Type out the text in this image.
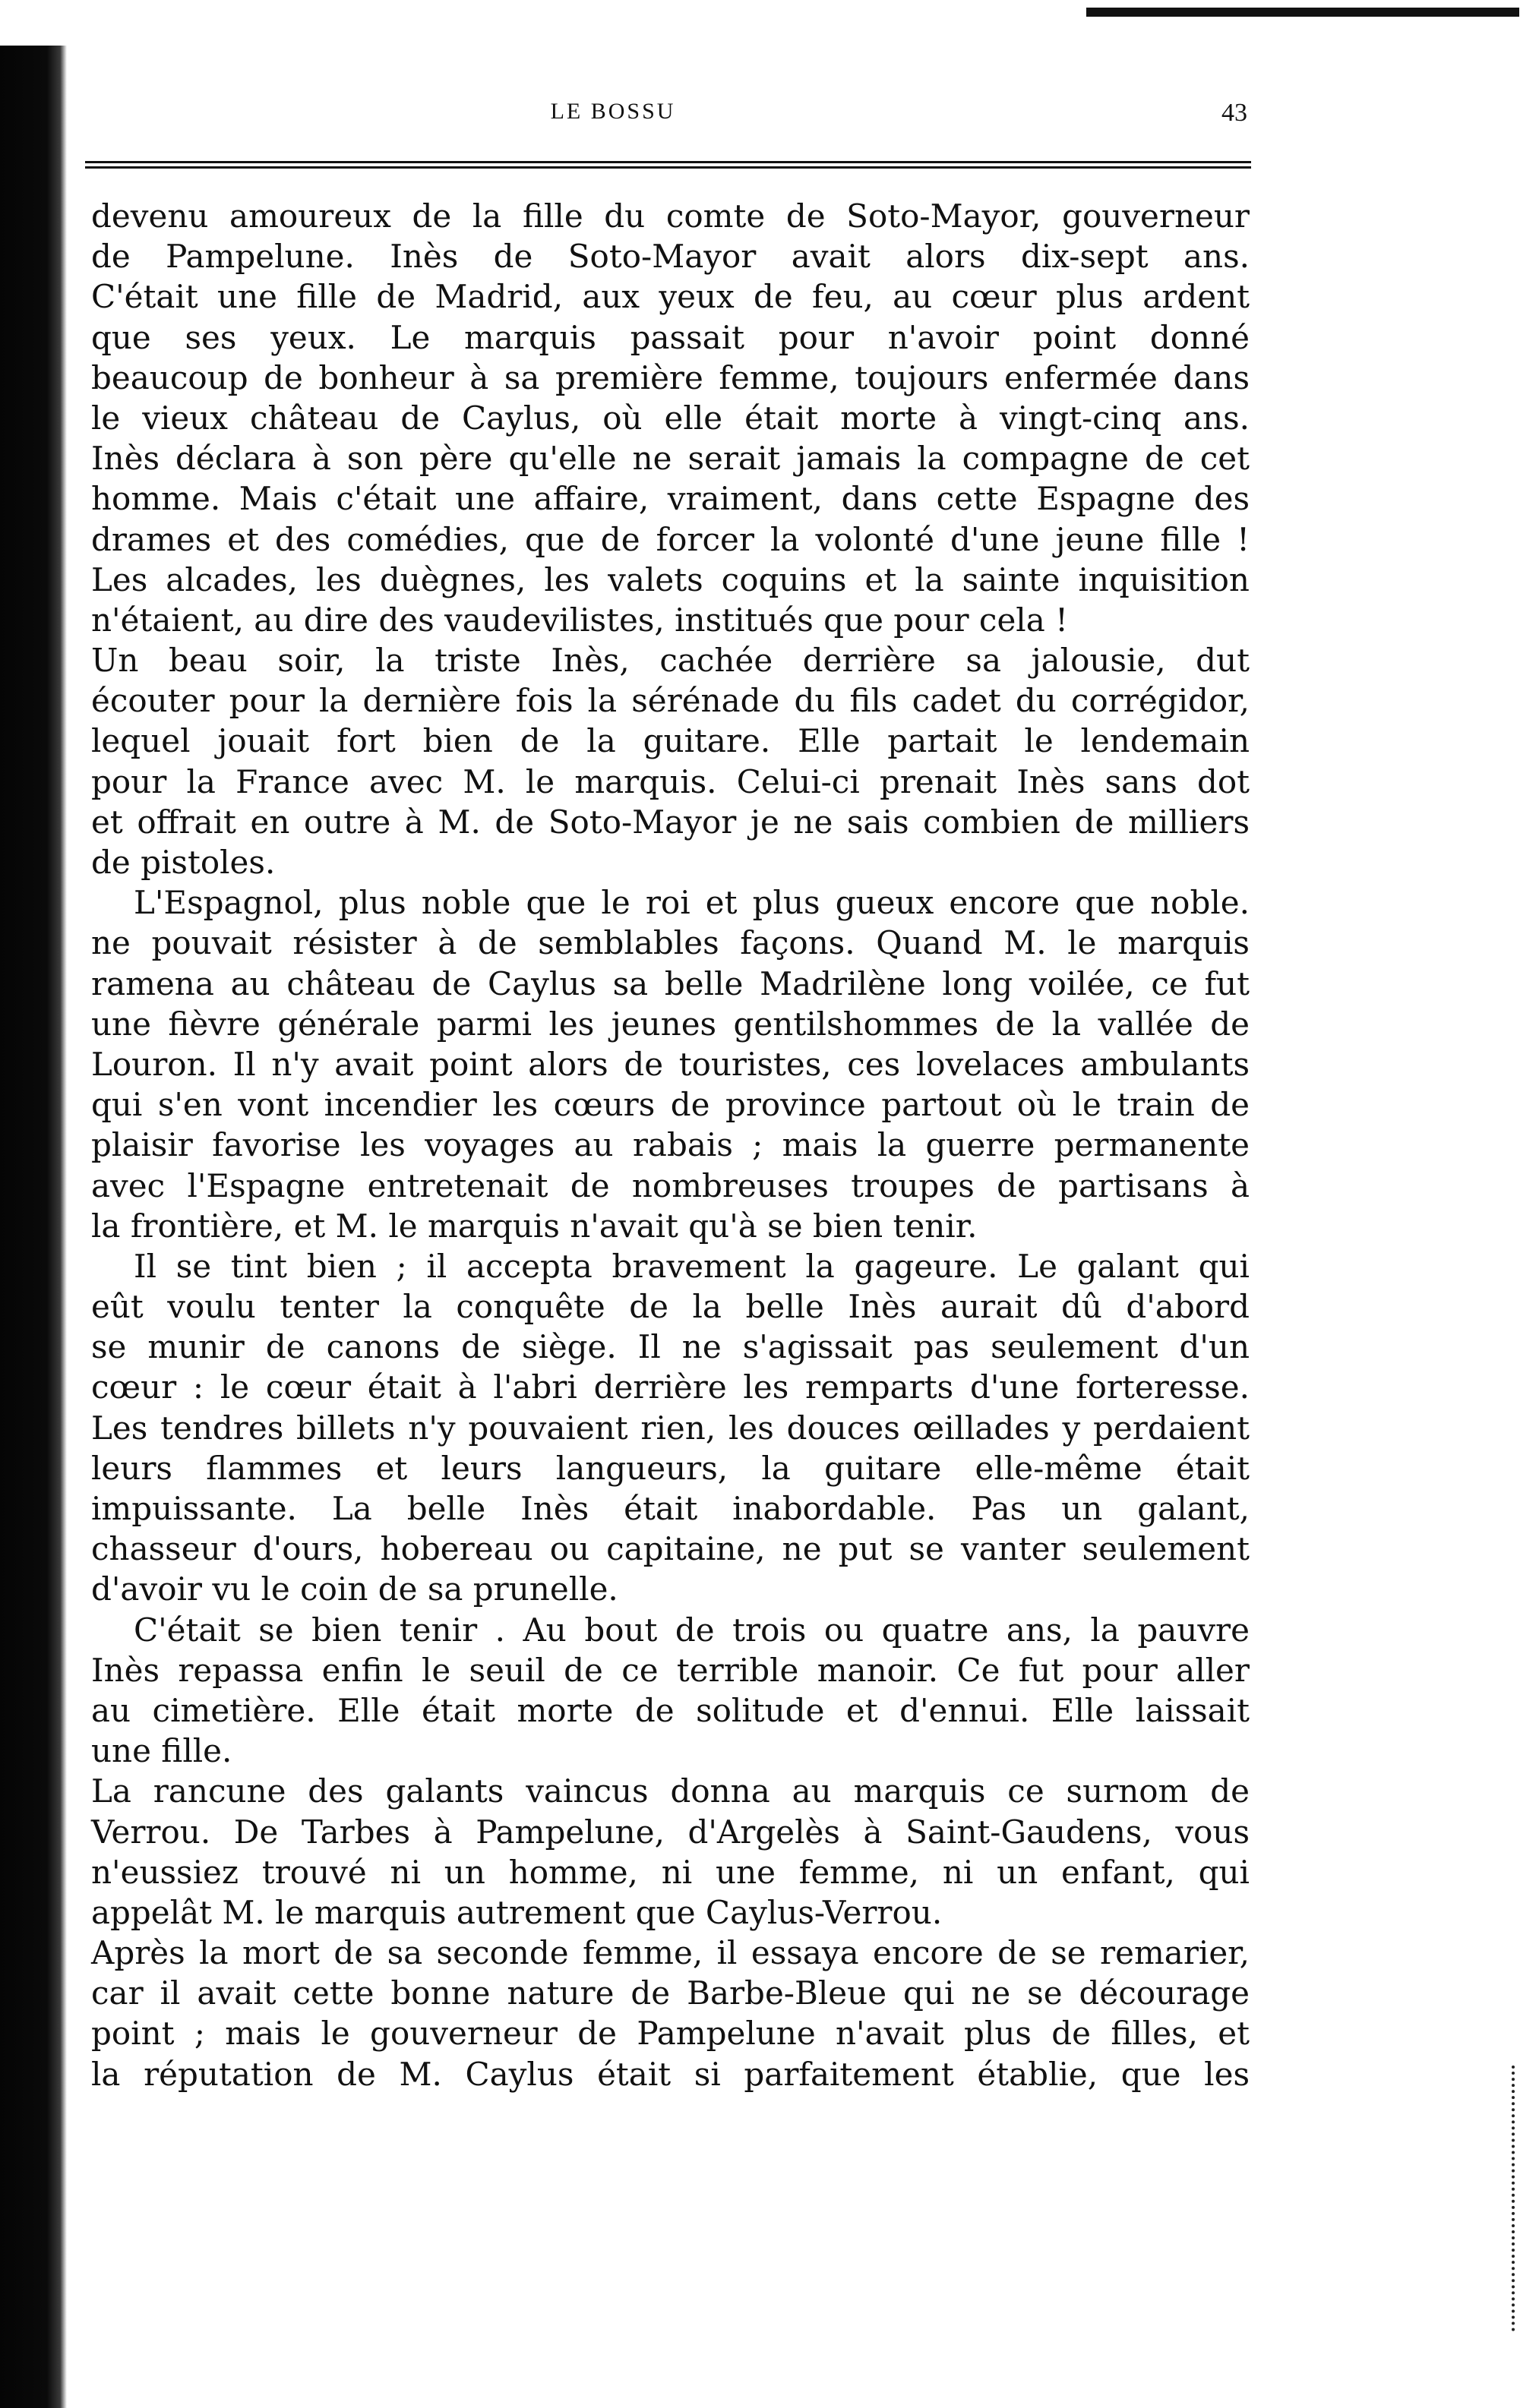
LE BOSSU	43
devenu amoureux de la fille du comte de Soto-Mayor, gouverneur
de Pampelune. Inès de Soto-Mayor avait alors dix-sept ans.
C'était une fille de Madrid, aux yeux de feu, au cœur plus ardent
que ses yeux. Le marquis passait pour n'avoir point donné
beaucoup de bonheur à sa première femme, toujours enfermée dans
le vieux château de Caylus, où elle était morte à vingt-cinq ans.
Inès déclara à son père qu'elle ne serait jamais la compagne de cet
homme. Mais c'était une affaire, vraiment, dans cette Espagne des
drames et des comédies, que de forcer la volonté d'une jeune fille !
Les alcades, les duègnes, les valets coquins et la sainte inquisition
n'étaient, au dire des vaudevilistes, institués que pour cela !
Un beau soir, la triste Inès, cachée derrière sa jalousie, dut
écouter pour la dernière fois la sérénade du fils cadet du corrégidor,
lequel jouait fort bien de la guitare. Elle partait le lendemain
pour la France avec M. le marquis. Celui-ci prenait Inès sans dot
et offrait en outre à M. de Soto-Mayor je ne sais combien de milliers
de pistoles.
L'Espagnol, plus noble que le roi et plus gueux encore que noble.
ne pouvait résister à de semblables façons. Quand M. le marquis
ramena au château de Caylus sa belle Madrilène long voilée, ce fut
une fièvre générale parmi les jeunes gentilshommes de la vallée de
Louron. Il n'y avait point alors de touristes, ces lovelaces ambulants
qui s'en vont incendier les cœurs de province partout où le train de
plaisir favorise les voyages au rabais ; mais la guerre permanente
avec l'Espagne entretenait de nombreuses troupes de partisans à
la frontière, et M. le marquis n'avait qu'à se bien tenir.
Il se tint bien ; il accepta bravement la gageure. Le galant qui
eût voulu tenter la conquête de la belle Inès aurait dû d'abord
se munir de canons de siège. Il ne s'agissait pas seulement d'un
cœur : le cœur était à l'abri derrière les remparts d'une forteresse.
Les tendres billets n'y pouvaient rien, les douces œillades y perdaient
leurs flammes et leurs langueurs, la guitare elle-même était
impuissante. La belle Inès était inabordable. Pas un galant,
chasseur d'ours, hobereau ou capitaine, ne put se vanter seulement
d'avoir vu le coin de sa prunelle.
C'était se bien tenir . Au bout de trois ou quatre ans, la pauvre
Inès repassa enfin le seuil de ce terrible manoir. Ce fut pour aller
au cimetière. Elle était morte de solitude et d'ennui. Elle laissait
une fille.
La rancune des galants vaincus donna au marquis ce surnom de
Verrou. De Tarbes à Pampelune, d'Argelès à Saint-Gaudens, vous
n'eussiez trouvé ni un homme, ni une femme, ni un enfant, qui
appelât M. le marquis autrement que Caylus-Verrou.
Après la mort de sa seconde femme, il essaya encore de se remarier,
car il avait cette bonne nature de Barbe-Bleue qui ne se décourage
point ; mais le gouverneur de Pampelune n'avait plus de filles, et
la réputation de M. Caylus était si parfaitement établie, que les
